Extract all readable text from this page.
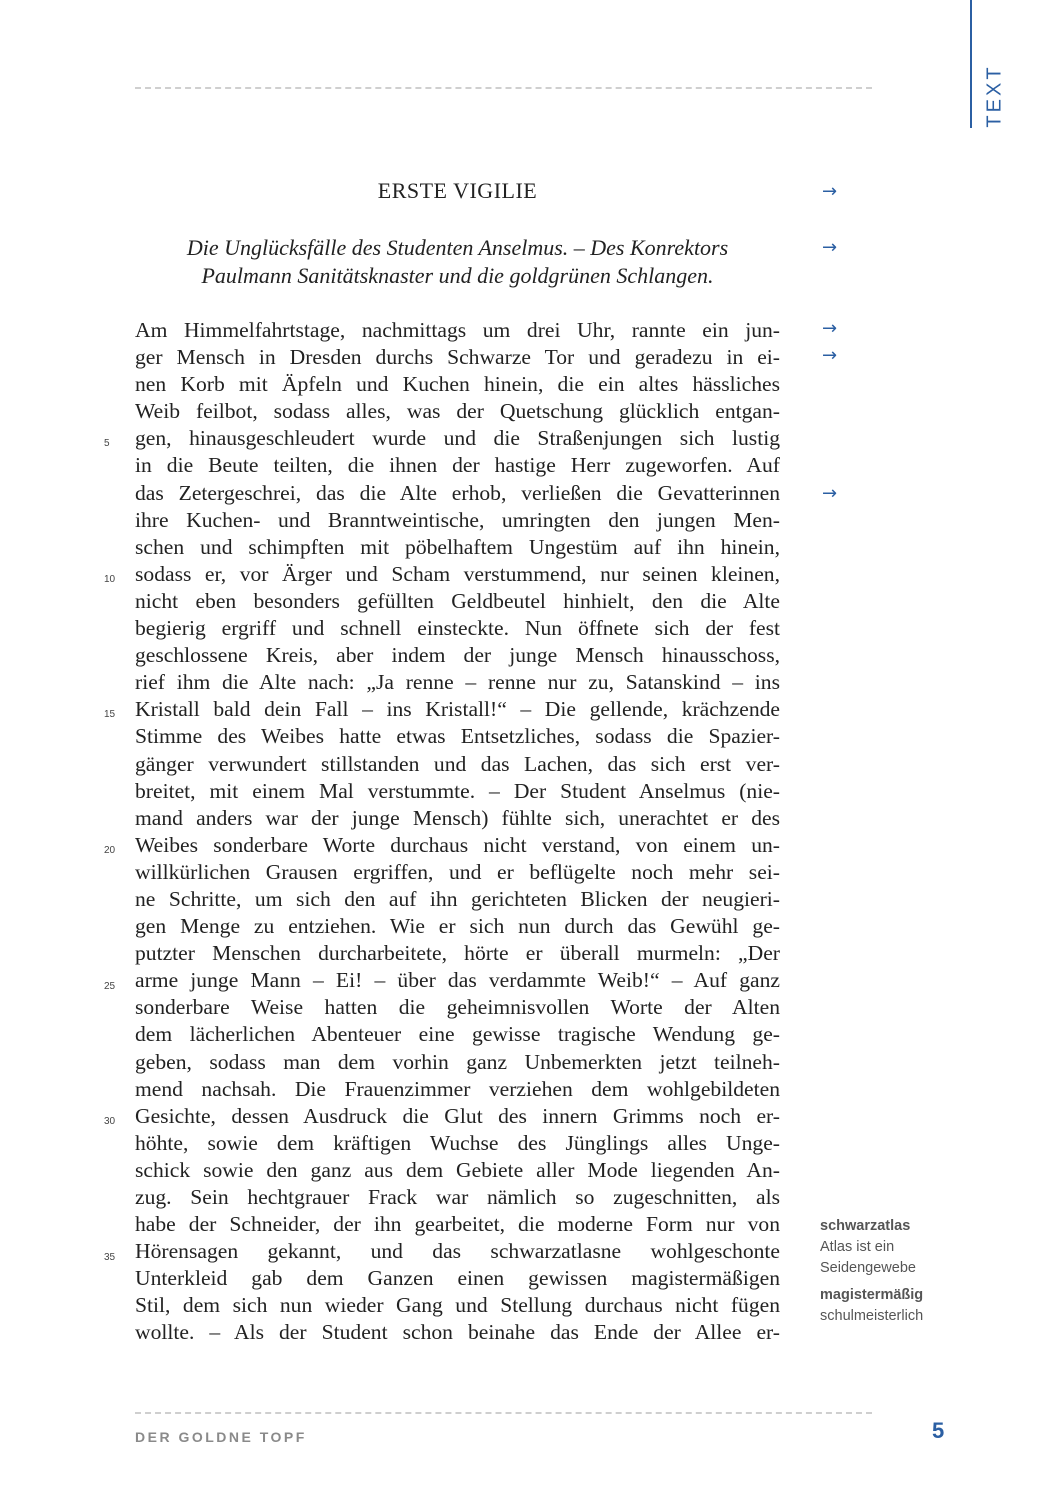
TEXT
ERSTE VIGILIE
Die Unglücksfälle des Studenten Anselmus. – Des Konrektors
Paulmann Sanitätsknaster und die goldgrünen Schlangen.
Am Himmelfahrtstage, nachmittags um drei Uhr, rannte ein jun-
ger Mensch in Dresden durchs Schwarze Tor und geradezu in ei-
nen Korb mit Äpfeln und Kuchen hinein, die ein altes hässliches
Weib feilbot, sodass alles, was der Quetschung glücklich entgan-
gen, hinausgeschleudert wurde und die Straßenjungen sich lustig
in die Beute teilten, die ihnen der hastige Herr zugeworfen. Auf
das Zetergeschrei, das die Alte erhob, verließen die Gevatterinnen
ihre Kuchen- und Branntweintische, umringten den jungen Men-
schen und schimpften mit pöbelhaftem Ungestüm auf ihn hinein,
sodass er, vor Ärger und Scham verstummend, nur seinen kleinen,
nicht eben besonders gefüllten Geldbeutel hinhielt, den die Alte
begierig ergriff und schnell einsteckte. Nun öffnete sich der fest
geschlossene Kreis, aber indem der junge Mensch hinausschoss,
rief ihm die Alte nach: „Ja renne – renne nur zu, Satanskind – ins
Kristall bald dein Fall – ins Kristall!“ – Die gellende, krächzende
Stimme des Weibes hatte etwas Entsetzliches, sodass die Spazier-
gänger verwundert stillstanden und das Lachen, das sich erst ver-
breitet, mit einem Mal verstummte. – Der Student Anselmus (nie-
mand anders war der junge Mensch) fühlte sich, unerachtet er des
Weibes sonderbare Worte durchaus nicht verstand, von einem un-
willkürlichen Grausen ergriffen, und er beflügelte noch mehr sei-
ne Schritte, um sich den auf ihn gerichteten Blicken der neugieri-
gen Menge zu entziehen. Wie er sich nun durch das Gewühl ge-
putzter Menschen durcharbeitete, hörte er überall murmeln: „Der
arme junge Mann – Ei! – über das verdammte Weib!“ – Auf ganz
sonderbare Weise hatten die geheimnisvollen Worte der Alten
dem lächerlichen Abenteuer eine gewisse tragische Wendung ge-
geben, sodass man dem vorhin ganz Unbemerkten jetzt teilneh-
mend nachsah. Die Frauenzimmer verziehen dem wohlgebildeten
Gesichte, dessen Ausdruck die Glut des innern Grimms noch er-
höhte, sowie dem kräftigen Wuchse des Jünglings alles Unge-
schick sowie den ganz aus dem Gebiete aller Mode liegenden An-
zug. Sein hechtgrauer Frack war nämlich so zugeschnitten, als
habe der Schneider, der ihn gearbeitet, die moderne Form nur von
Hörensagen gekannt, und das schwarzatlasne wohlgeschonte
Unterkleid gab dem Ganzen einen gewissen magistermäßigen
Stil, dem sich nun wieder Gang und Stellung durchaus nicht fügen
wollte. – Als der Student schon beinahe das Ende der Allee er-
5
10
15
20
25
30
35
→
→
→
→
→
schwarzatlas
Atlas ist ein
Seidengewebe
magistermäßig
schulmeisterlich
DER GOLDNE TOPF	5
